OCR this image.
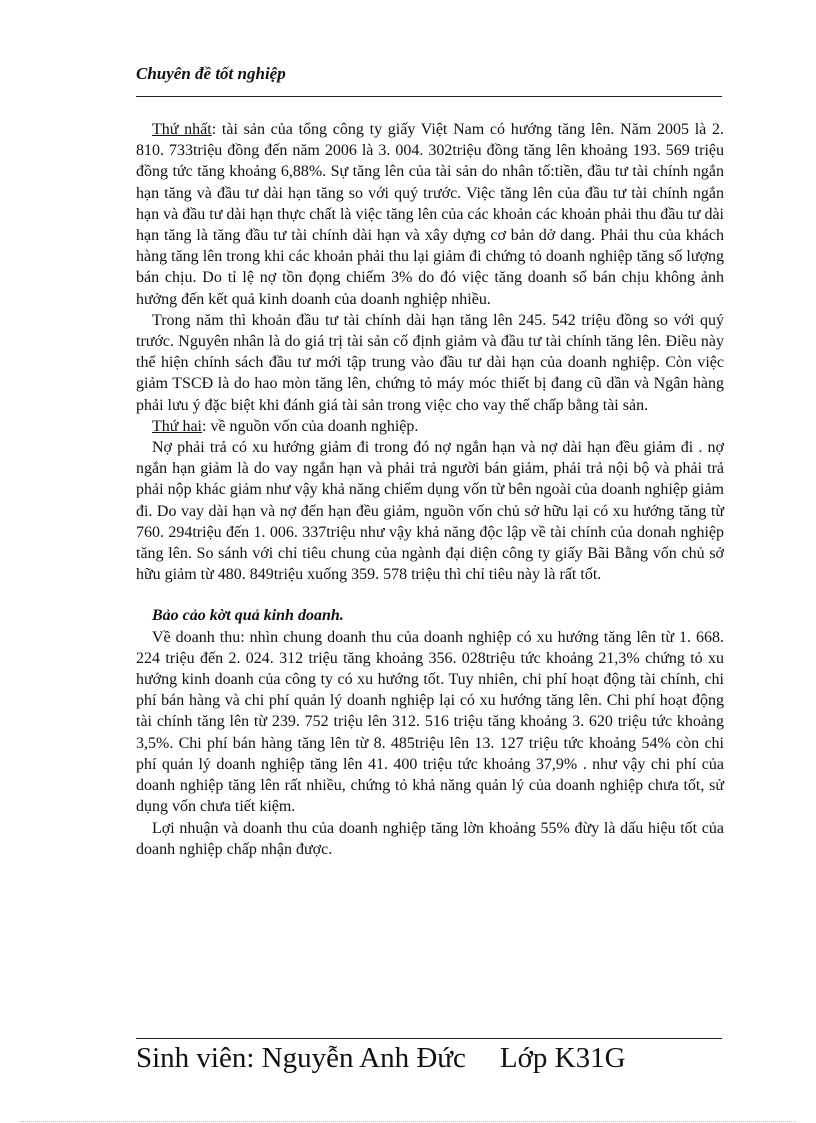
Chuyên đề tốt nghiệp

Thứ nhất: tài sản của tổng công ty giấy Việt Nam có hướng tăng lên. Năm 2005 là 2. 810. 733triệu đồng đến năm 2006 là 3. 004. 302triệu đồng tăng lên khoảng 193. 569 triệu đồng tức tăng khoảng 6,88%. Sự tăng lên của tài sản do nhân tố:tiền, đầu tư tài chính ngắn hạn tăng và đầu tư dài hạn tăng so với quý trước. Việc tăng lên của đầu tư tài chính ngắn hạn và đầu tư dài hạn thực chất là việc tăng lên của các khoản các khoản phải thu đầu tư dài hạn tăng là tăng đầu tư tài chính dài hạn và xây dựng cơ bản dở dang. Phải thu của khách hàng tăng lên trong khi các khoản phải thu lại giảm đi chứng tỏ doanh nghiệp tăng số lượng bán chịu. Do tỉ lệ nợ tồn đọng chiếm 3% do đó việc tăng doanh số bán chịu không ảnh hưởng đến kết quả kinh doanh của doanh nghiệp nhiều.

Trong năm thì khoản đầu tư tài chính dài hạn tăng lên 245. 542 triệu đồng so với quý trước. Nguyên nhân là do giá trị tài sản cố định giảm và đầu tư tài chính tăng lên. Điều này thể hiện chính sách đầu tư mới tập trung vào đầu tư dài hạn của doanh nghiệp. Còn việc giảm TSCĐ là do hao mòn tăng lên, chứng tỏ máy móc thiết bị đang cũ dần và Ngân hàng phải lưu ý đặc biệt khi đánh giá tài sản trong việc cho vay thế chấp bằng tài sản.

Thứ hai: về nguồn vốn của doanh nghiệp.

Nợ phải trả có xu hướng giảm đi trong đó nợ ngắn hạn và nợ dài hạn đều giảm đi . nợ ngắn hạn giảm là do vay ngắn hạn và phải trả người bán giảm, phải trả nội bộ và phải trả phải nộp khác giảm như vậy khả năng chiếm dụng vốn từ bên ngoài của doanh nghiệp giảm đi. Do vay dài hạn và nợ đến hạn đều giảm, nguồn vốn chủ sở hữu lại có xu hướng tăng từ 760. 294triệu đến 1. 006. 337triệu như vậy khả năng độc lập về tài chính của donah nghiệp tăng lên. So sánh với chỉ tiêu chung của ngành đại diện công ty giấy Bãi Bằng vốn chủ sở hữu giảm từ 480. 849triệu xuống 359. 578 triệu thì chỉ tiêu này là rất tốt.

Bảo cảo kờt quả kinh doanh.

Về doanh thu: nhìn chung doanh thu của doanh nghiệp có xu hướng tăng lên từ 1. 668. 224 triệu đến 2. 024. 312 triệu tăng khoảng 356. 028triệu tức khoảng 21,3% chứng tỏ xu hướng kinh doanh của công ty có xu hướng tốt. Tuy nhiên, chi phí hoạt động tài chính, chi phí bán hàng và chi phí quản lý doanh nghiệp lại có xu hướng tăng lên. Chi phí hoạt động tài chính tăng lên từ 239. 752 triệu lên 312. 516 triệu tăng khoảng 3. 620 triệu tức khoảng 3,5%. Chi phí bán hàng tăng lên từ 8. 485triệu lên 13. 127 triệu tức khoảng 54% còn chi phí quản lý doanh nghiệp tăng lên 41. 400 triệu tức khoảng 37,9% . như vậy chi phí của doanh nghiệp tăng lên rất nhiều, chứng tỏ khả năng quản lý của doanh nghiệp chưa tốt, sử dụng vốn chưa tiết kiệm.

Lợi nhuận và doanh thu của doanh nghiệp tăng lờn khoảng 55% đừy là dấu hiệu tốt của doanh nghiệp chấp nhận được.

Sinh viên: Nguyễn Anh Đức Lớp K31G
